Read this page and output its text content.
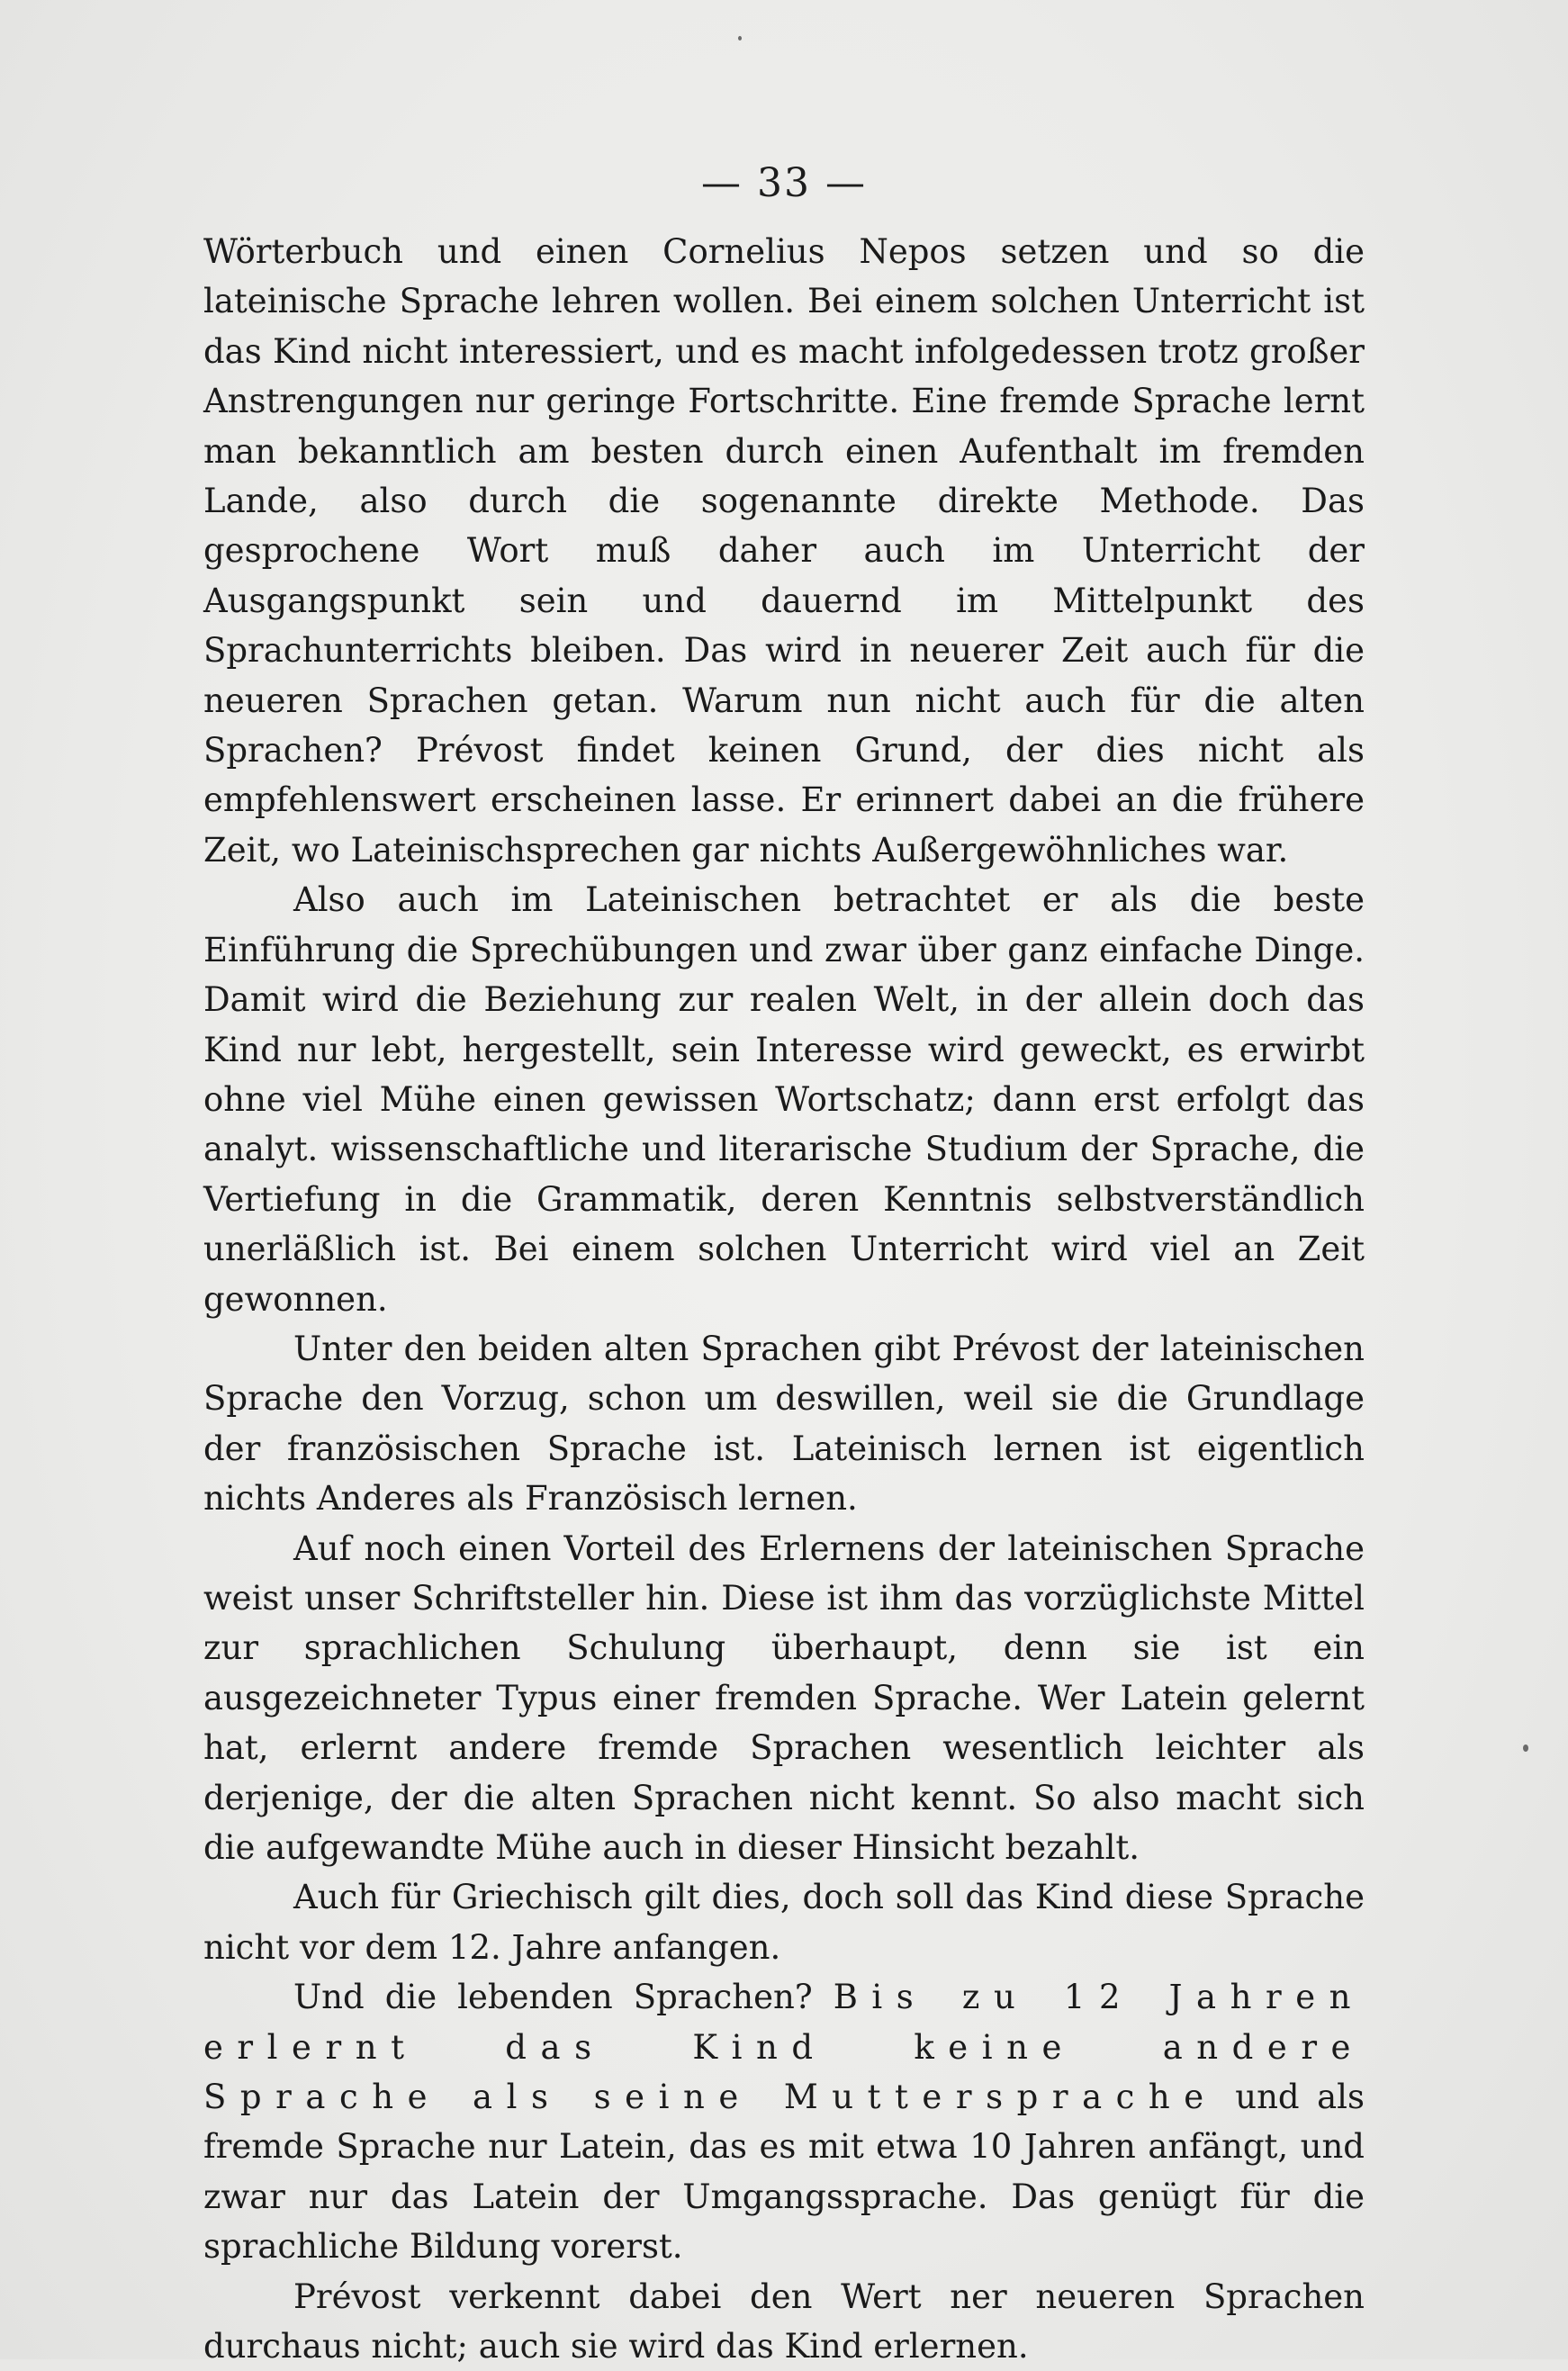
— 33 —

Wörterbuch und einen Cornelius Nepos setzen und so die lateinische Sprache lehren wollen. Bei einem solchen Unterricht ist das Kind nicht interessiert, und es macht infolgedessen trotz großer Anstrengungen nur geringe Fortschritte. Eine fremde Sprache lernt man bekanntlich am besten durch einen Aufenthalt im fremden Lande, also durch die sogenannte direkte Methode. Das gesprochene Wort muß daher auch im Unterricht der Ausgangspunkt sein und dauernd im Mittelpunkt des Sprachunterrichts bleiben. Das wird in neuerer Zeit auch für die neueren Sprachen getan. Warum nun nicht auch für die alten Sprachen? Prévost findet keinen Grund, der dies nicht als empfehlenswert erscheinen lasse. Er erinnert dabei an die frühere Zeit, wo Lateinischsprechen gar nichts Außergewöhnliches war.

Also auch im Lateinischen betrachtet er als die beste Einführung die Sprechübungen und zwar über ganz einfache Dinge. Damit wird die Beziehung zur realen Welt, in der allein doch das Kind nur lebt, hergestellt, sein Interesse wird geweckt, es erwirbt ohne viel Mühe einen gewissen Wortschatz; dann erst erfolgt das analyt. wissenschaftliche und literarische Studium der Sprache, die Vertiefung in die Grammatik, deren Kenntnis selbstverständlich unerläßlich ist. Bei einem solchen Unterricht wird viel an Zeit gewonnen.

Unter den beiden alten Sprachen gibt Prévost der lateinischen Sprache den Vorzug, schon um deswillen, weil sie die Grundlage der französischen Sprache ist. Lateinisch lernen ist eigentlich nichts Anderes als Französisch lernen.

Auf noch einen Vorteil des Erlernens der lateinischen Sprache weist unser Schriftsteller hin. Diese ist ihm das vorzüglichste Mittel zur sprachlichen Schulung überhaupt, denn sie ist ein ausgezeichneter Typus einer fremden Sprache. Wer Latein gelernt hat, erlernt andere fremde Sprachen wesentlich leichter als derjenige, der die alten Sprachen nicht kennt. So also macht sich die aufgewandte Mühe auch in dieser Hinsicht bezahlt.

Auch für Griechisch gilt dies, doch soll das Kind diese Sprache nicht vor dem 12. Jahre anfangen.

Und die lebenden Sprachen? Bis zu 12 Jahren erlernt das Kind keine andere Sprache als seine Muttersprache und als fremde Sprache nur Latein, das es mit etwa 10 Jahren anfängt, und zwar nur das Latein der Umgangssprache. Das genügt für die sprachliche Bildung vorerst.

Prévost verkennt dabei den Wert ner neueren Sprachen durchaus nicht; auch sie wird das Kind erlernen.
